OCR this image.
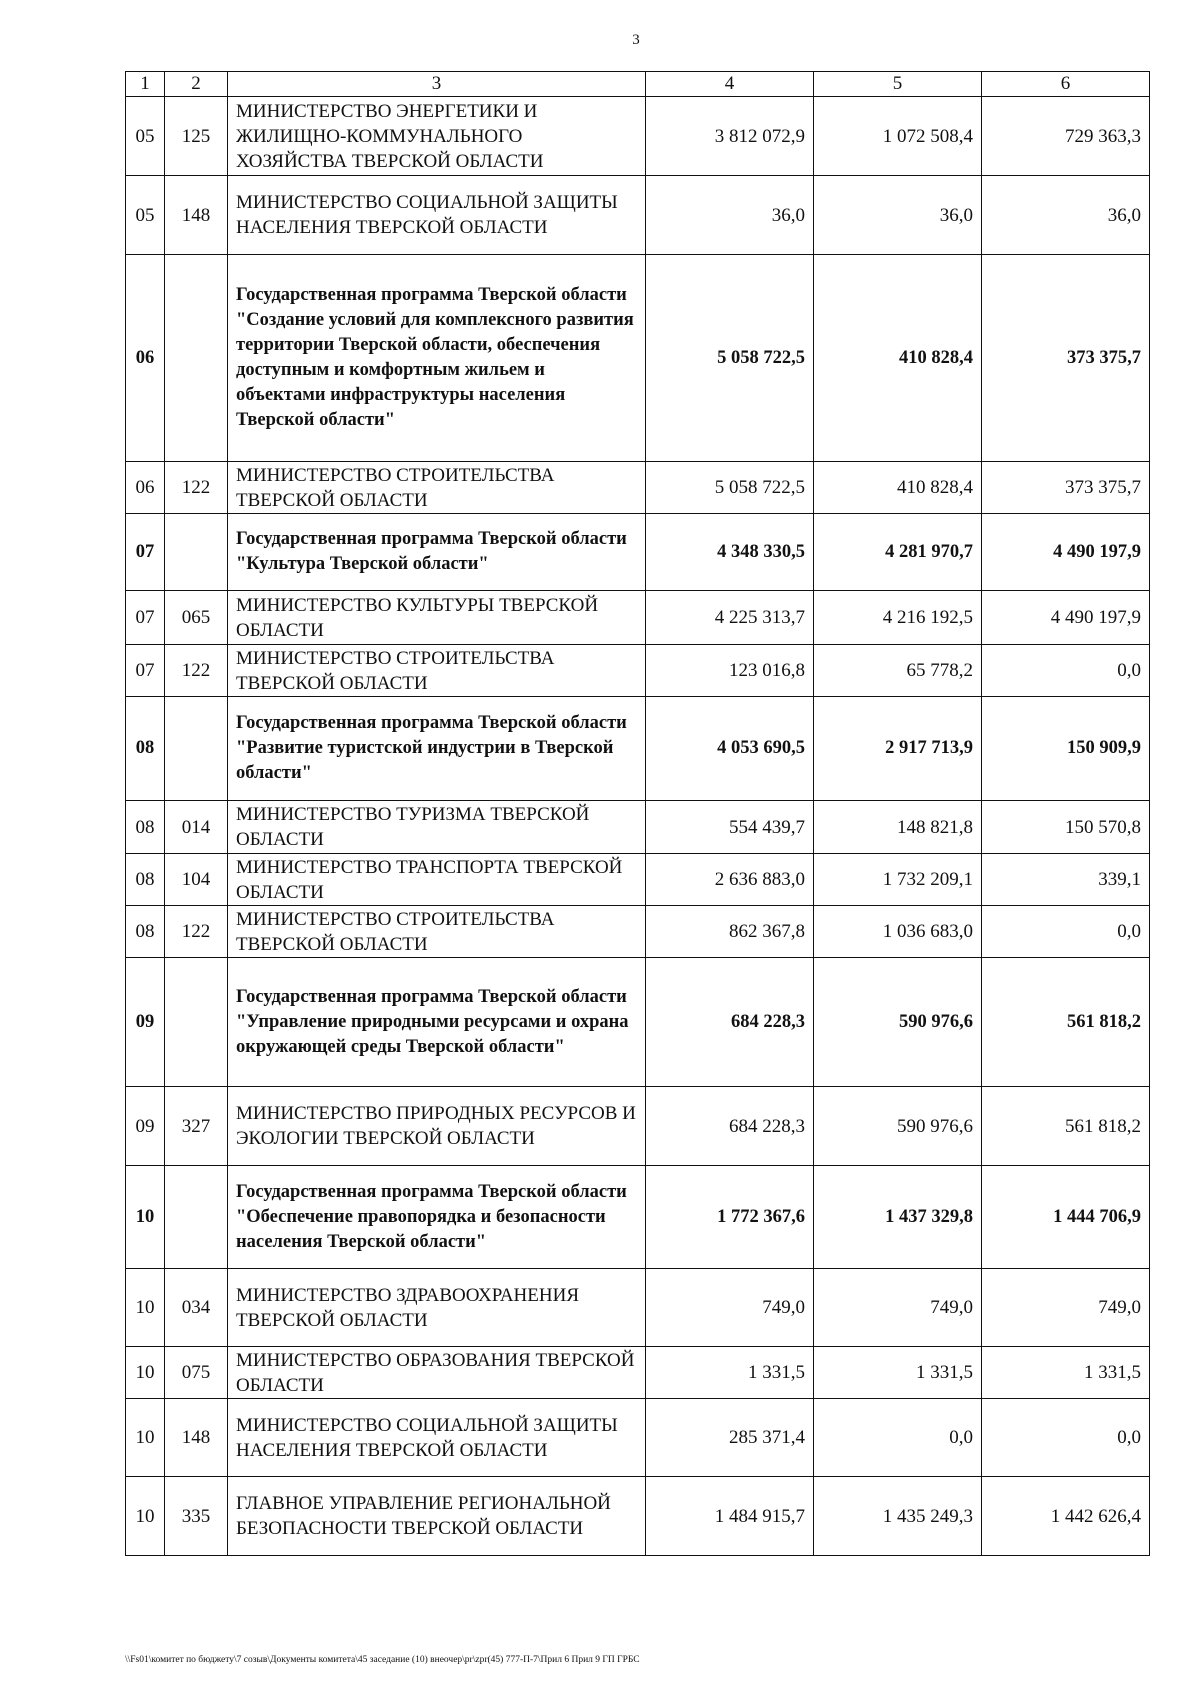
3
1	2	3	4	5	6
05	125	МИНИСТЕРСТВО ЭНЕРГЕТИКИ И ЖИЛИЩНО-КОММУНАЛЬНОГО ХОЗЯЙСТВА ТВЕРСКОЙ ОБЛАСТИ	3 812 072,9	1 072 508,4	729 363,3
05	148	МИНИСТЕРСТВО СОЦИАЛЬНОЙ ЗАЩИТЫ НАСЕЛЕНИЯ ТВЕРСКОЙ ОБЛАСТИ	36,0	36,0	36,0
06		Государственная программа Тверской области "Создание условий для комплексного развития территории Тверской области, обеспечения доступным и комфортным жильем и объектами инфраструктуры населения Тверской области"	5 058 722,5	410 828,4	373 375,7
06	122	МИНИСТЕРСТВО СТРОИТЕЛЬСТВА ТВЕРСКОЙ ОБЛАСТИ	5 058 722,5	410 828,4	373 375,7
07		Государственная программа Тверской области "Культура Тверской области"	4 348 330,5	4 281 970,7	4 490 197,9
07	065	МИНИСТЕРСТВО КУЛЬТУРЫ ТВЕРСКОЙ ОБЛАСТИ	4 225 313,7	4 216 192,5	4 490 197,9
07	122	МИНИСТЕРСТВО СТРОИТЕЛЬСТВА ТВЕРСКОЙ ОБЛАСТИ	123 016,8	65 778,2	0,0
08		Государственная программа Тверской области "Развитие туристской индустрии в Тверской области"	4 053 690,5	2 917 713,9	150 909,9
08	014	МИНИСТЕРСТВО ТУРИЗМА ТВЕРСКОЙ ОБЛАСТИ	554 439,7	148 821,8	150 570,8
08	104	МИНИСТЕРСТВО ТРАНСПОРТА ТВЕРСКОЙ ОБЛАСТИ	2 636 883,0	1 732 209,1	339,1
08	122	МИНИСТЕРСТВО СТРОИТЕЛЬСТВА ТВЕРСКОЙ ОБЛАСТИ	862 367,8	1 036 683,0	0,0
09		Государственная программа Тверской области "Управление природными ресурсами и охрана окружающей среды Тверской области"	684 228,3	590 976,6	561 818,2
09	327	МИНИСТЕРСТВО ПРИРОДНЫХ РЕСУРСОВ И ЭКОЛОГИИ ТВЕРСКОЙ ОБЛАСТИ	684 228,3	590 976,6	561 818,2
10		Государственная программа Тверской области "Обеспечение правопорядка и безопасности населения Тверской области"	1 772 367,6	1 437 329,8	1 444 706,9
10	034	МИНИСТЕРСТВО ЗДРАВООХРАНЕНИЯ ТВЕРСКОЙ ОБЛАСТИ	749,0	749,0	749,0
10	075	МИНИСТЕРСТВО ОБРАЗОВАНИЯ ТВЕРСКОЙ ОБЛАСТИ	1 331,5	1 331,5	1 331,5
10	148	МИНИСТЕРСТВО СОЦИАЛЬНОЙ ЗАЩИТЫ НАСЕЛЕНИЯ ТВЕРСКОЙ ОБЛАСТИ	285 371,4	0,0	0,0
10	335	ГЛАВНОЕ УПРАВЛЕНИЕ РЕГИОНАЛЬНОЙ БЕЗОПАСНОСТИ ТВЕРСКОЙ ОБЛАСТИ	1 484 915,7	1 435 249,3	1 442 626,4
\\Fs01\комитет по бюджету\7 созыв\Документы комитета\45 заседание (10) внеочер\pr\zpr(45) 777-П-7\Прил 6 Прил 9 ГП ГРБС
